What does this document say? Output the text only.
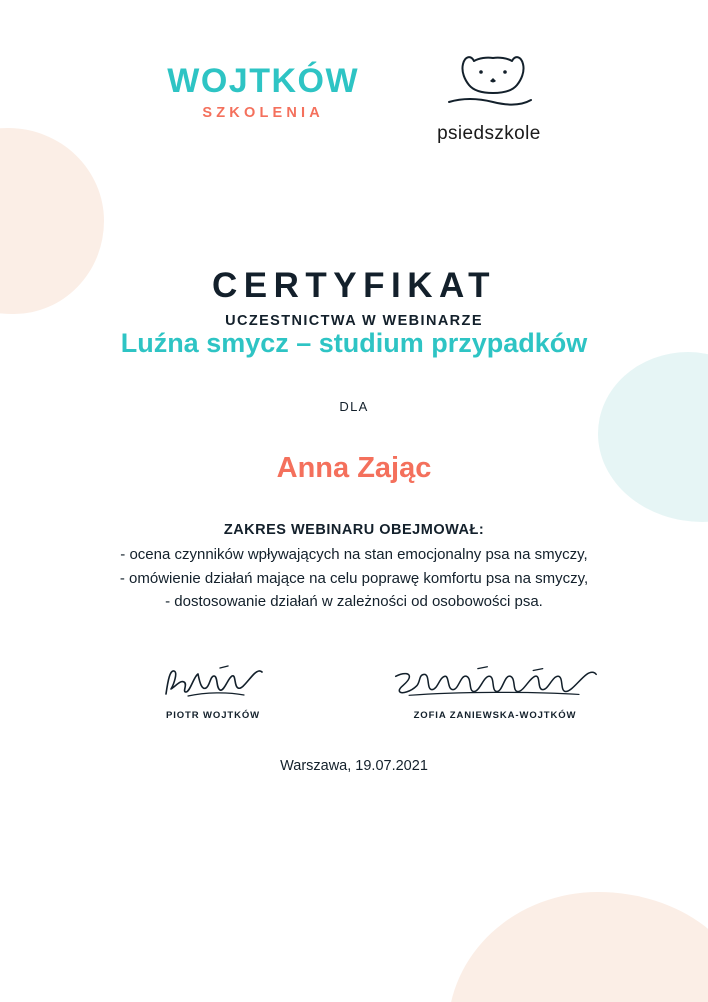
WOJTKÓW
SZKOLENIA
psiedszkole
CERTYFIKAT
UCZESTNICTWA W WEBINARZE
Luźna smycz – studium przypadków
DLA
Anna Zając
ZAKRES WEBINARU OBEJMOWAŁ:
- ocena czynników wpływających na stan emocjonalny psa na smyczy,
- omówienie działań mające na celu poprawę komfortu psa na smyczy,
- dostosowanie działań w zależności od osobowości psa.
PIOTR WOJTKÓW	ZOFIA ZANIEWSKA-WOJTKÓW
Warszawa, 19.07.2021
